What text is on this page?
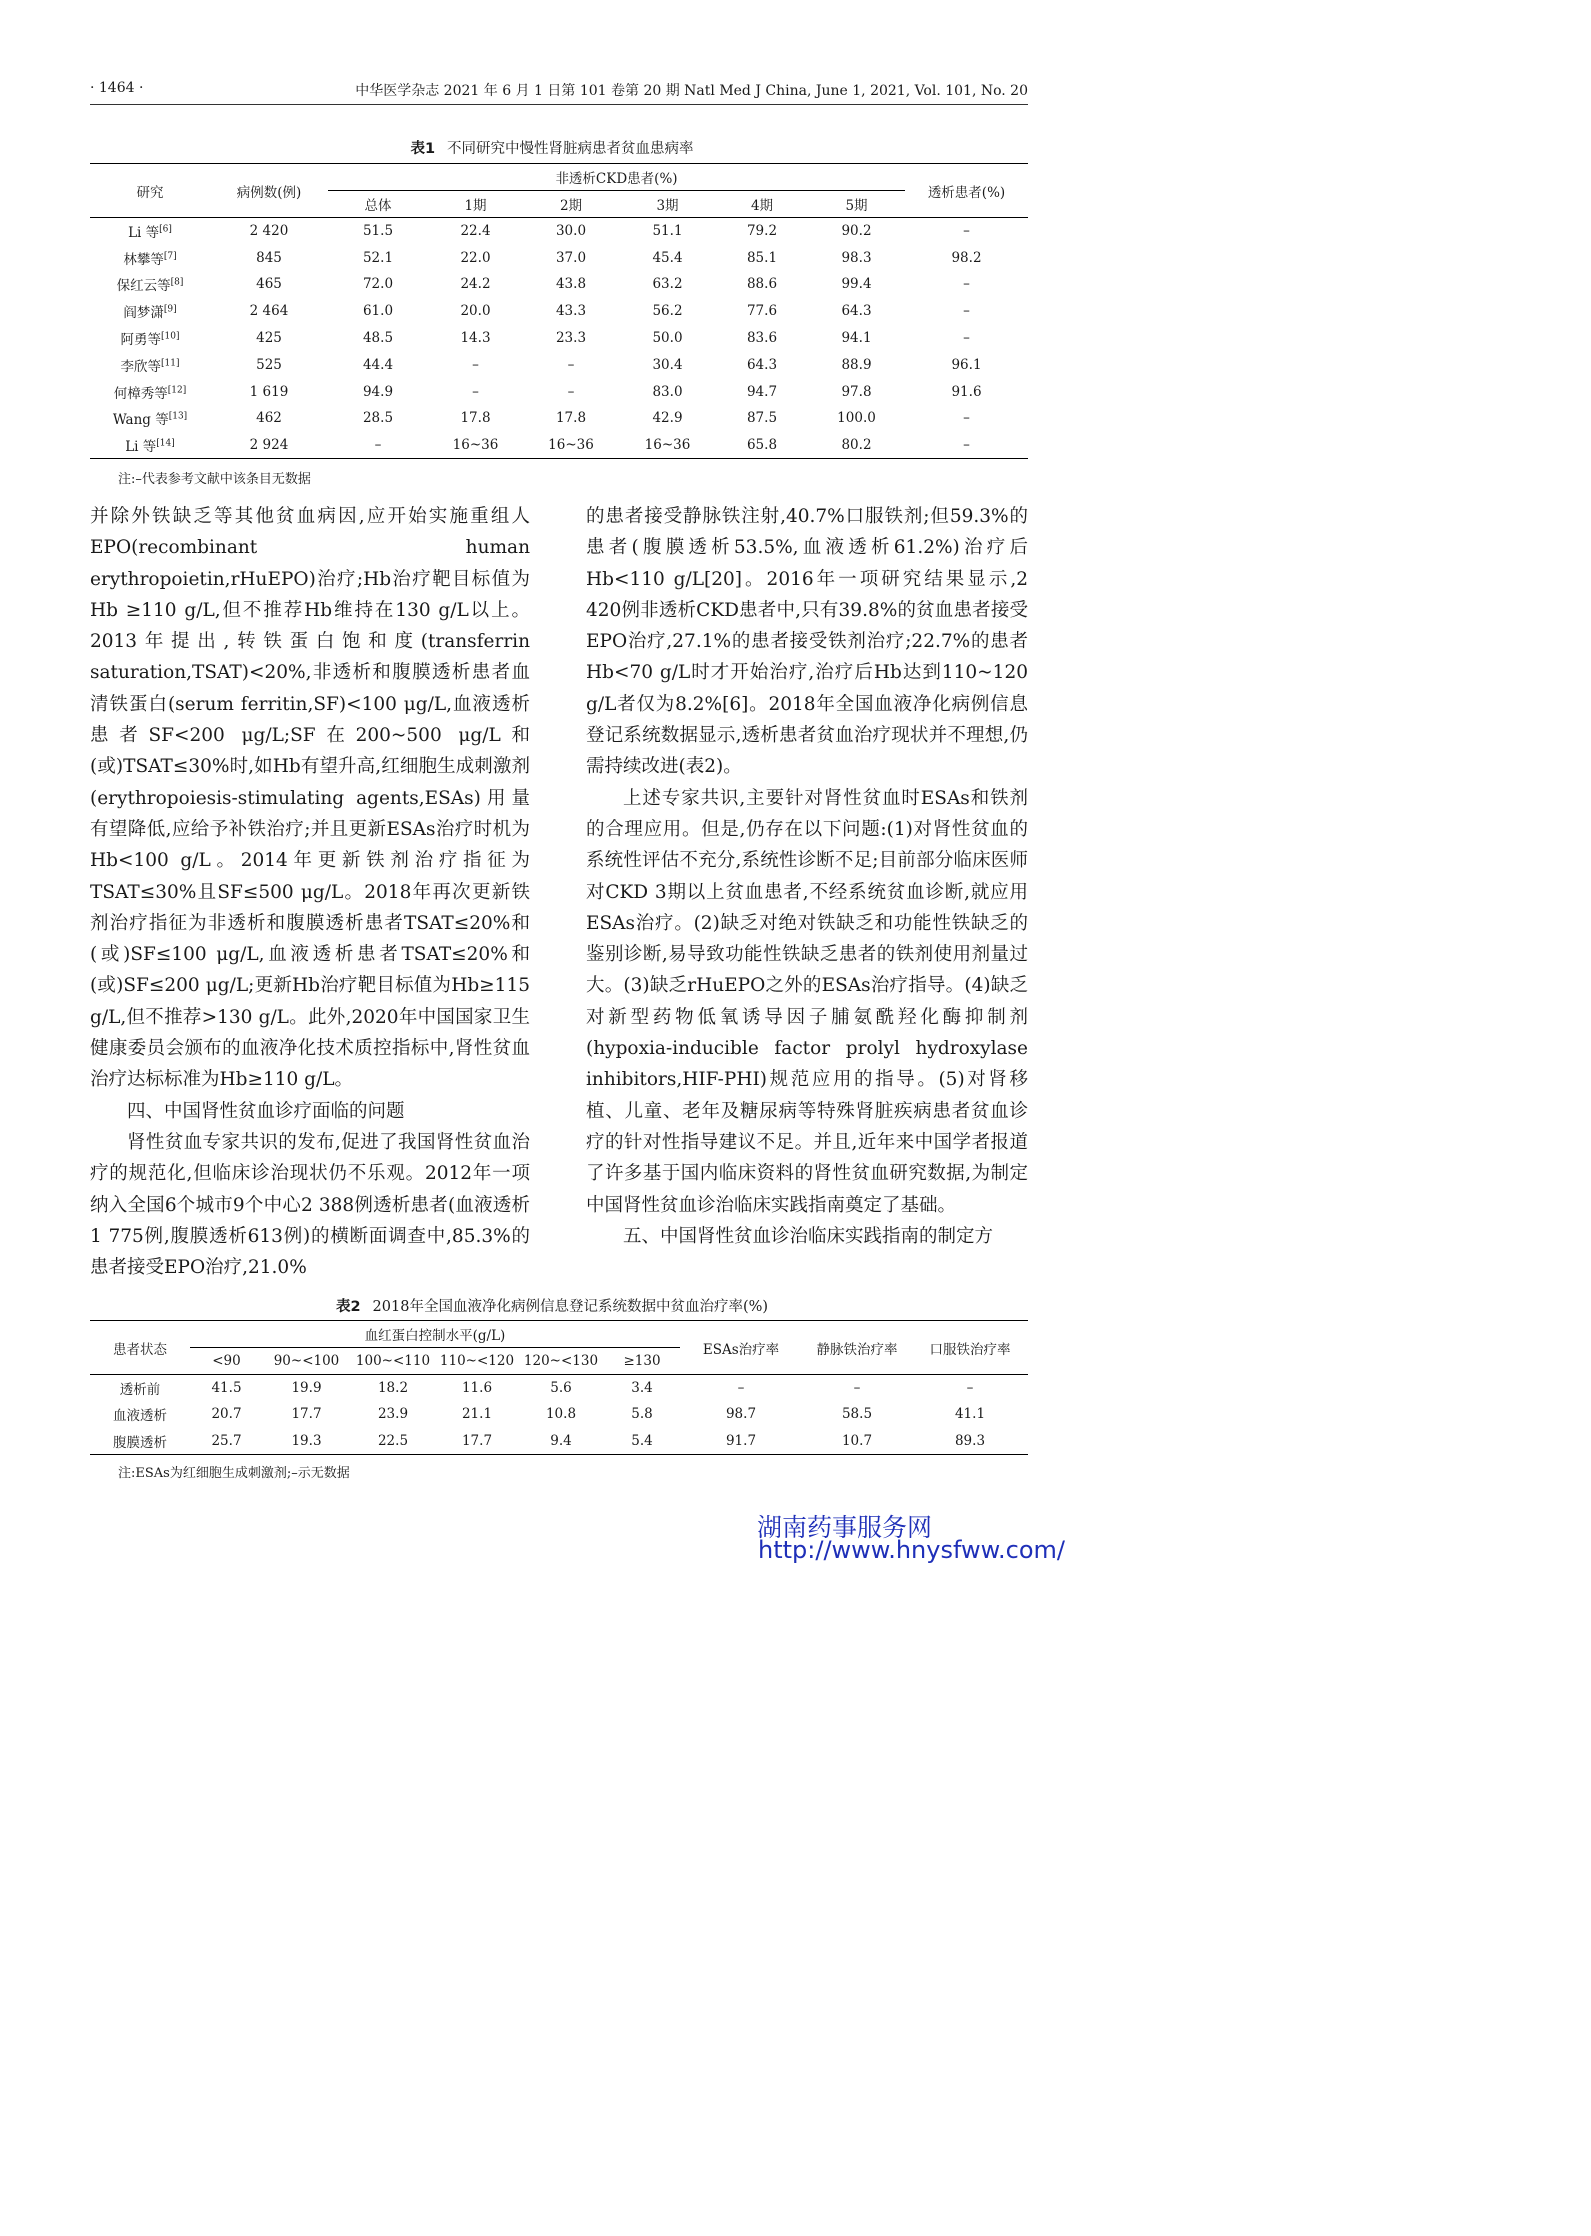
· 1464 ·	中华医学杂志 2021 年 6 月 1 日第 101 卷第 20 期 Natl Med J China, June 1, 2021, Vol. 101, No. 20
表1 不同研究中慢性肾脏病患者贫血患病率
研究	病例数(例)	非透析CKD患者(%)						透析患者(%)
		总体	1期	2期	3期	4期	5期	
Li 等[6]	2 420	51.5	22.4	30.0	51.1	79.2	90.2	–
林攀等[7]	845	52.1	22.0	37.0	45.4	85.1	98.3	98.2
保红云等[8]	465	72.0	24.2	43.8	63.2	88.6	99.4	–
阎梦潇[9]	2 464	61.0	20.0	43.3	56.2	77.6	64.3	–
阿勇等[10]	425	48.5	14.3	23.3	50.0	83.6	94.1	–
李欣等[11]	525	44.4	–	–	30.4	64.3	88.9	96.1
何樟秀等[12]	1 619	94.9	–	–	83.0	94.7	97.8	91.6
Wang 等[13]	462	28.5	17.8	17.8	42.9	87.5	100.0	–
Li 等[14]	2 924	–	16~36	16~36	16~36	65.8	80.2	–
注:–代表参考文献中该条目无数据

并除外铁缺乏等其他贫血病因,应开始实施重组人EPO(recombinant human erythropoietin,rHuEPO)治疗;Hb治疗靶目标值为 Hb ≥110 g/L,但不推荐Hb维持在130 g/L以上。2013年提出,转铁蛋白饱和度(transferrin saturation,TSAT)<20%,非透析和腹膜透析患者血清铁蛋白(serum ferritin,SF)<100 μg/L,血液透析患者SF<200 μg/L;SF在200~500 μg/L和(或)TSAT≤30%时,如Hb有望升高,红细胞生成刺激剂(erythropoiesis-stimulating agents,ESAs)用量有望降低,应给予补铁治疗;并且更新ESAs治疗时机为Hb<100 g/L。2014年更新铁剂治疗指征为TSAT≤30%且SF≤500 μg/L。2018年再次更新铁剂治疗指征为非透析和腹膜透析患者TSAT≤20%和(或)SF≤100 μg/L,血液透析患者TSAT≤20%和(或)SF≤200 μg/L;更新Hb治疗靶目标值为Hb≥115 g/L,但不推荐>130 g/L。此外,2020年中国国家卫生健康委员会颁布的血液净化技术质控指标中,肾性贫血治疗达标标准为Hb≥110 g/L。

四、中国肾性贫血诊疗面临的问题

肾性贫血专家共识的发布,促进了我国肾性贫血治疗的规范化,但临床诊治现状仍不乐观。2012年一项纳入全国6个城市9个中心2 388例透析患者(血液透析1 775例,腹膜透析613例)的横断面调查中,85.3%的患者接受EPO治疗,21.0%

的患者接受静脉铁注射,40.7%口服铁剂;但59.3%的患者(腹膜透析53.5%,血液透析61.2%)治疗后Hb<110 g/L[20]。2016年一项研究结果显示,2 420例非透析CKD患者中,只有39.8%的贫血患者接受EPO治疗,27.1%的患者接受铁剂治疗;22.7%的患者Hb<70 g/L时才开始治疗,治疗后Hb达到110~120 g/L者仅为8.2%[6]。2018年全国血液净化病例信息登记系统数据显示,透析患者贫血治疗现状并不理想,仍需持续改进(表2)。

上述专家共识,主要针对肾性贫血时ESAs和铁剂的合理应用。但是,仍存在以下问题:(1)对肾性贫血的系统性评估不充分,系统性诊断不足;目前部分临床医师对CKD 3期以上贫血患者,不经系统贫血诊断,就应用ESAs治疗。(2)缺乏对绝对铁缺乏和功能性铁缺乏的鉴别诊断,易导致功能性铁缺乏患者的铁剂使用剂量过大。(3)缺乏rHuEPO之外的ESAs治疗指导。(4)缺乏对新型药物低氧诱导因子脯氨酰羟化酶抑制剂(hypoxia-inducible factor prolyl hydroxylase inhibitors,HIF-PHI)规范应用的指导。(5)对肾移植、儿童、老年及糖尿病等特殊肾脏疾病患者贫血诊疗的针对性指导建议不足。并且,近年来中国学者报道了许多基于国内临床资料的肾性贫血研究数据,为制定中国肾性贫血诊治临床实践指南奠定了基础。

五、中国肾性贫血诊治临床实践指南的制定方

表2 2018年全国血液净化病例信息登记系统数据中贫血治疗率(%)
患者状态	血红蛋白控制水平(g/L)						ESAs治疗率	静脉铁治疗率	口服铁治疗率
	<90	90~<100	100~<110	110~<120	120~<130	≥130			
透析前	41.5	19.9	18.2	11.6	5.6	3.4	–	–	–
血液透析	20.7	17.7	23.9	21.1	10.8	5.8	98.7	58.5	41.1
腹膜透析	25.7	19.3	22.5	17.7	9.4	5.4	91.7	10.7	89.3
注:ESAs为红细胞生成刺激剂;–示无数据
湖南药事服务网
http://www.hnysfww.com/
